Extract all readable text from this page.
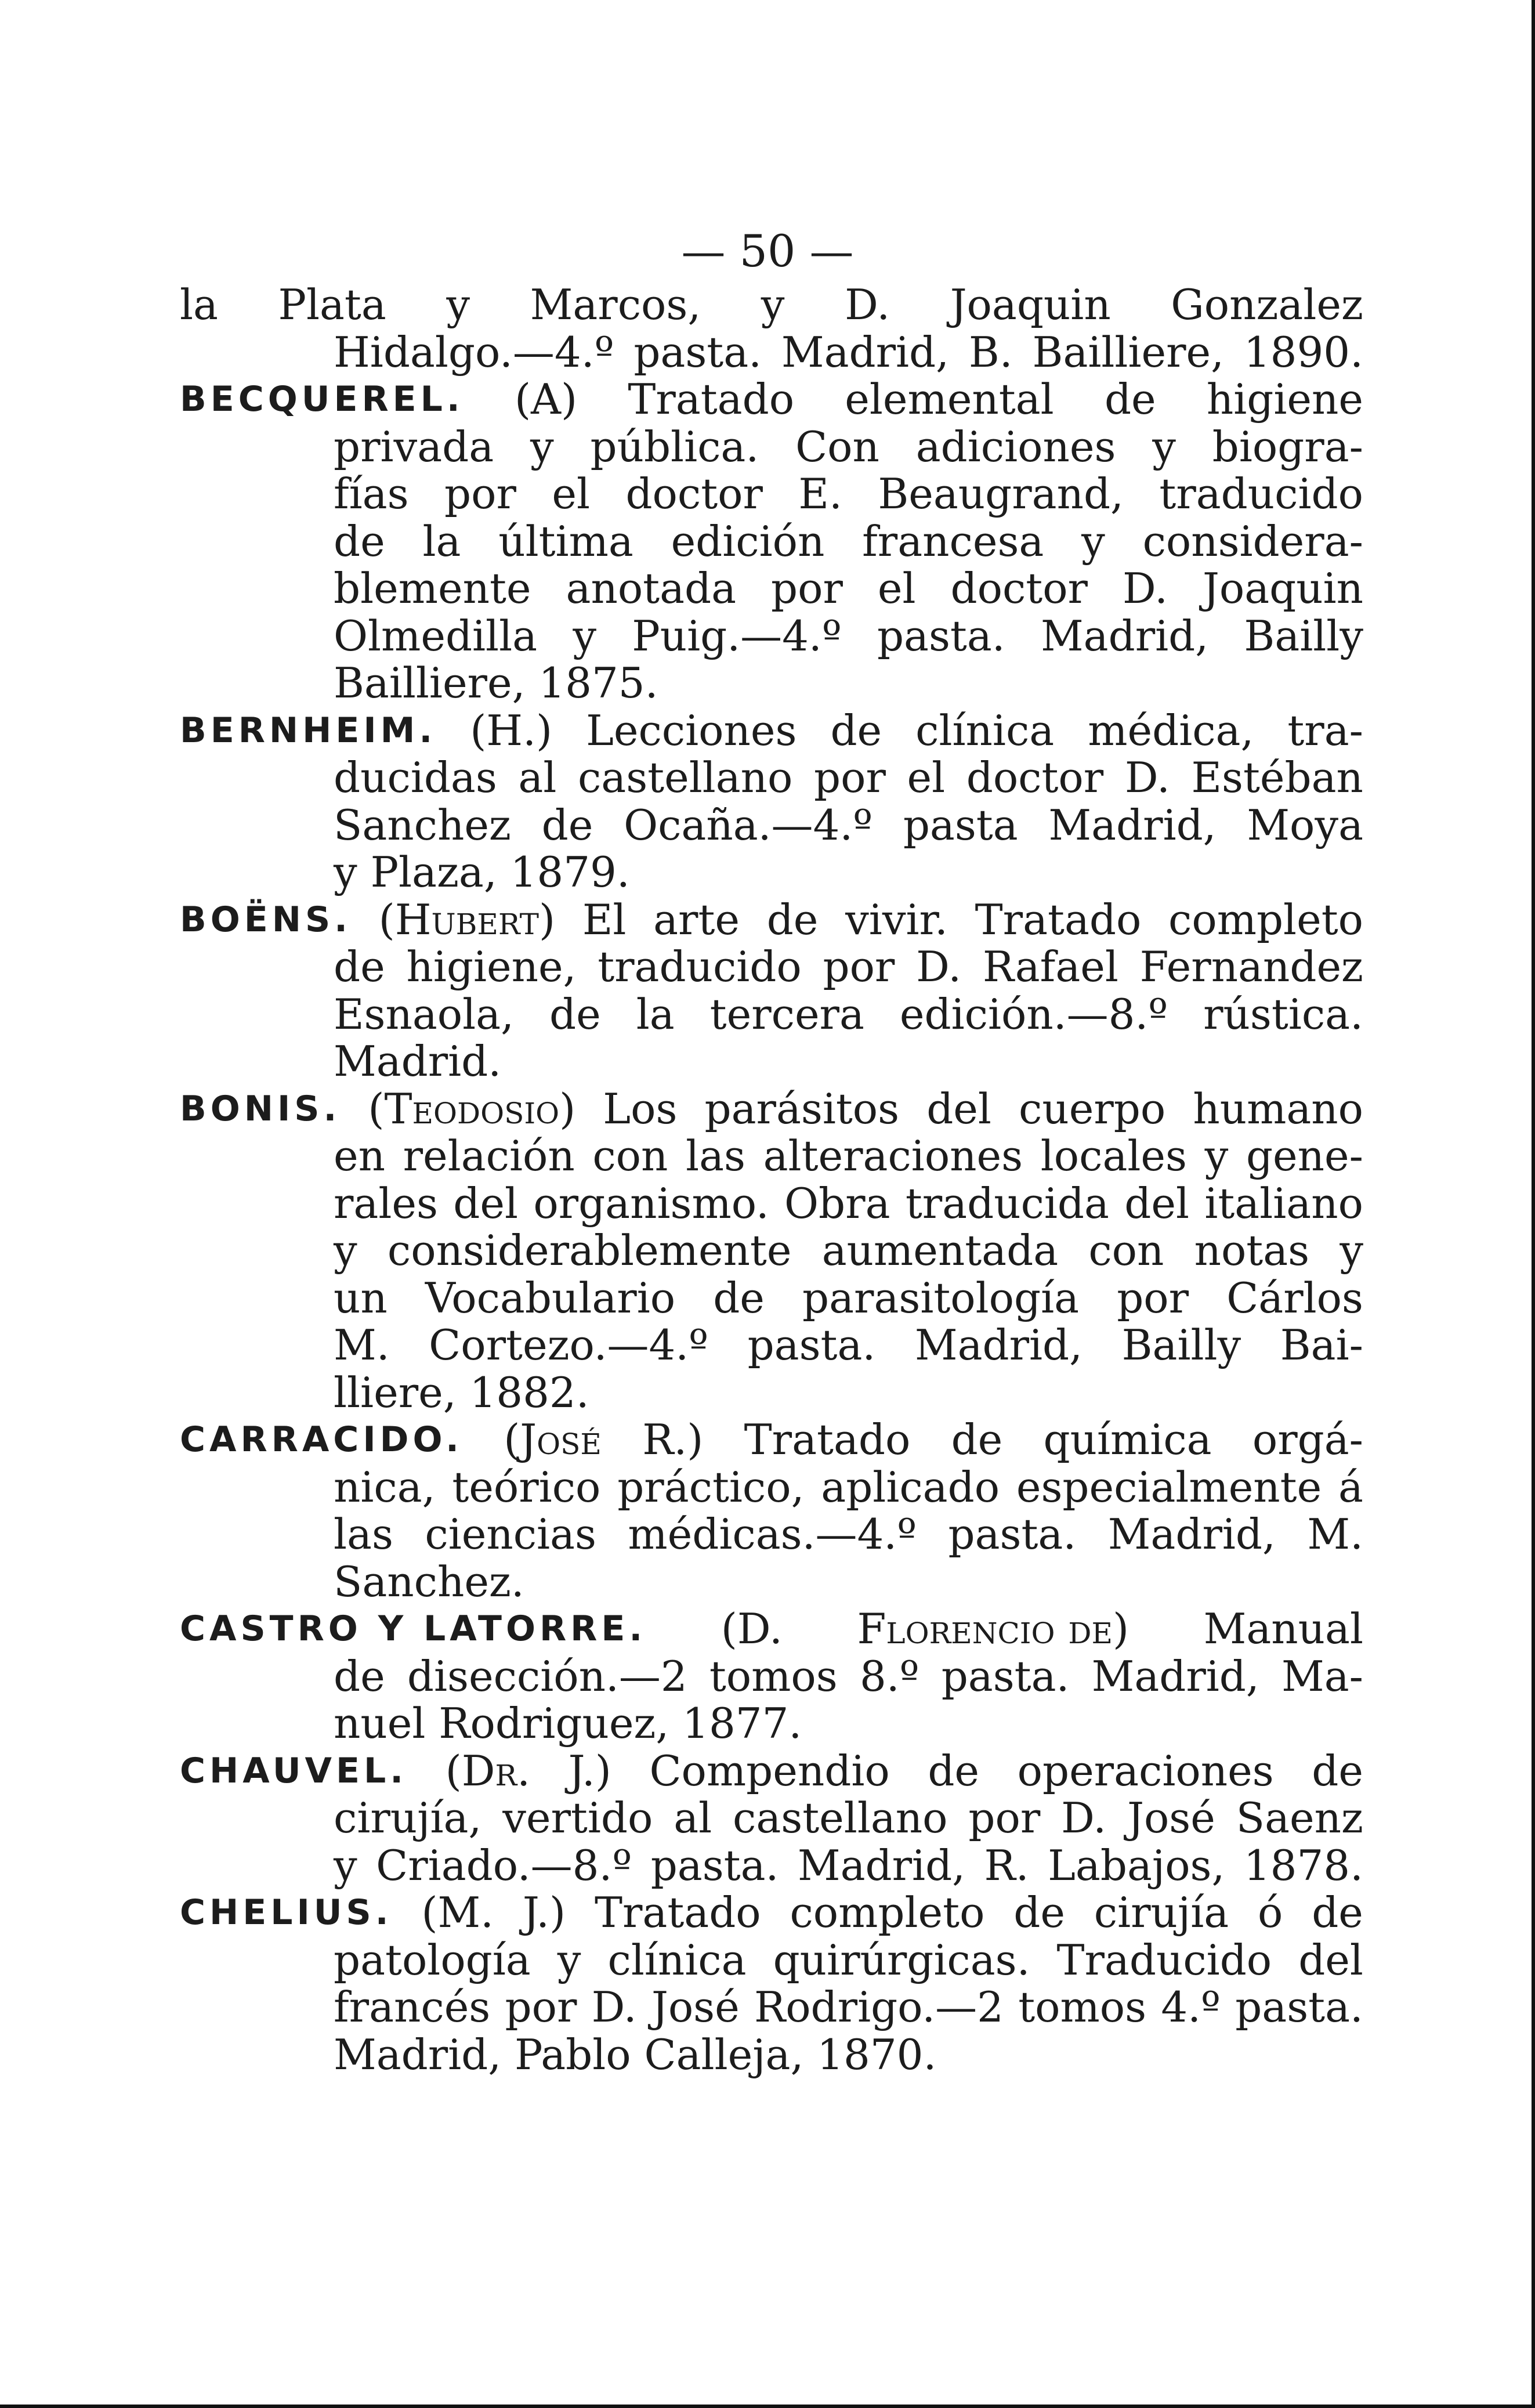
— 50 —
la Plata y Marcos, y D. Joaquin Gonzalez
Hidalgo.—4.º pasta. Madrid, B. Bailliere, 1890.
BECQUEREL. (A) Tratado elemental de higiene
privada y pública. Con adiciones y biogra-
fías por el doctor E. Beaugrand, traducido
de la última edición francesa y considera-
blemente anotada por el doctor D. Joaquin
Olmedilla y Puig.—4.º pasta. Madrid, Bailly
Bailliere, 1875.
BERNHEIM. (H.) Lecciones de clínica médica, tra-
ducidas al castellano por el doctor D. Estéban
Sanchez de Ocaña.—4.º pasta Madrid, Moya
y Plaza, 1879.
BOËNS. (Hubert) El arte de vivir. Tratado completo
de higiene, traducido por D. Rafael Fernandez
Esnaola, de la tercera edición.—8.º rústica.
Madrid.
BONIS. (Teodosio) Los parásitos del cuerpo humano
en relación con las alteraciones locales y gene-
rales del organismo. Obra traducida del italiano
y considerablemente aumentada con notas y
un Vocabulario de parasitología por Cárlos
M. Cortezo.—4.º pasta. Madrid, Bailly Bai-
lliere, 1882.
CARRACIDO. (José R.) Tratado de química orgá-
nica, teórico práctico, aplicado especialmente á
las ciencias médicas.—4.º pasta. Madrid, M.
Sanchez.
CASTRO Y LATORRE. (D. Florencio de) Manual
de disección.—2 tomos 8.º pasta. Madrid, Ma-
nuel Rodriguez, 1877.
CHAUVEL. (Dr. J.) Compendio de operaciones de
cirujía, vertido al castellano por D. José Saenz
y Criado.—8.º pasta. Madrid, R. Labajos, 1878.
CHELIUS. (M. J.) Tratado completo de cirujía ó de
patología y clínica quirúrgicas. Traducido del
francés por D. José Rodrigo.—2 tomos 4.º pasta.
Madrid, Pablo Calleja, 1870.
